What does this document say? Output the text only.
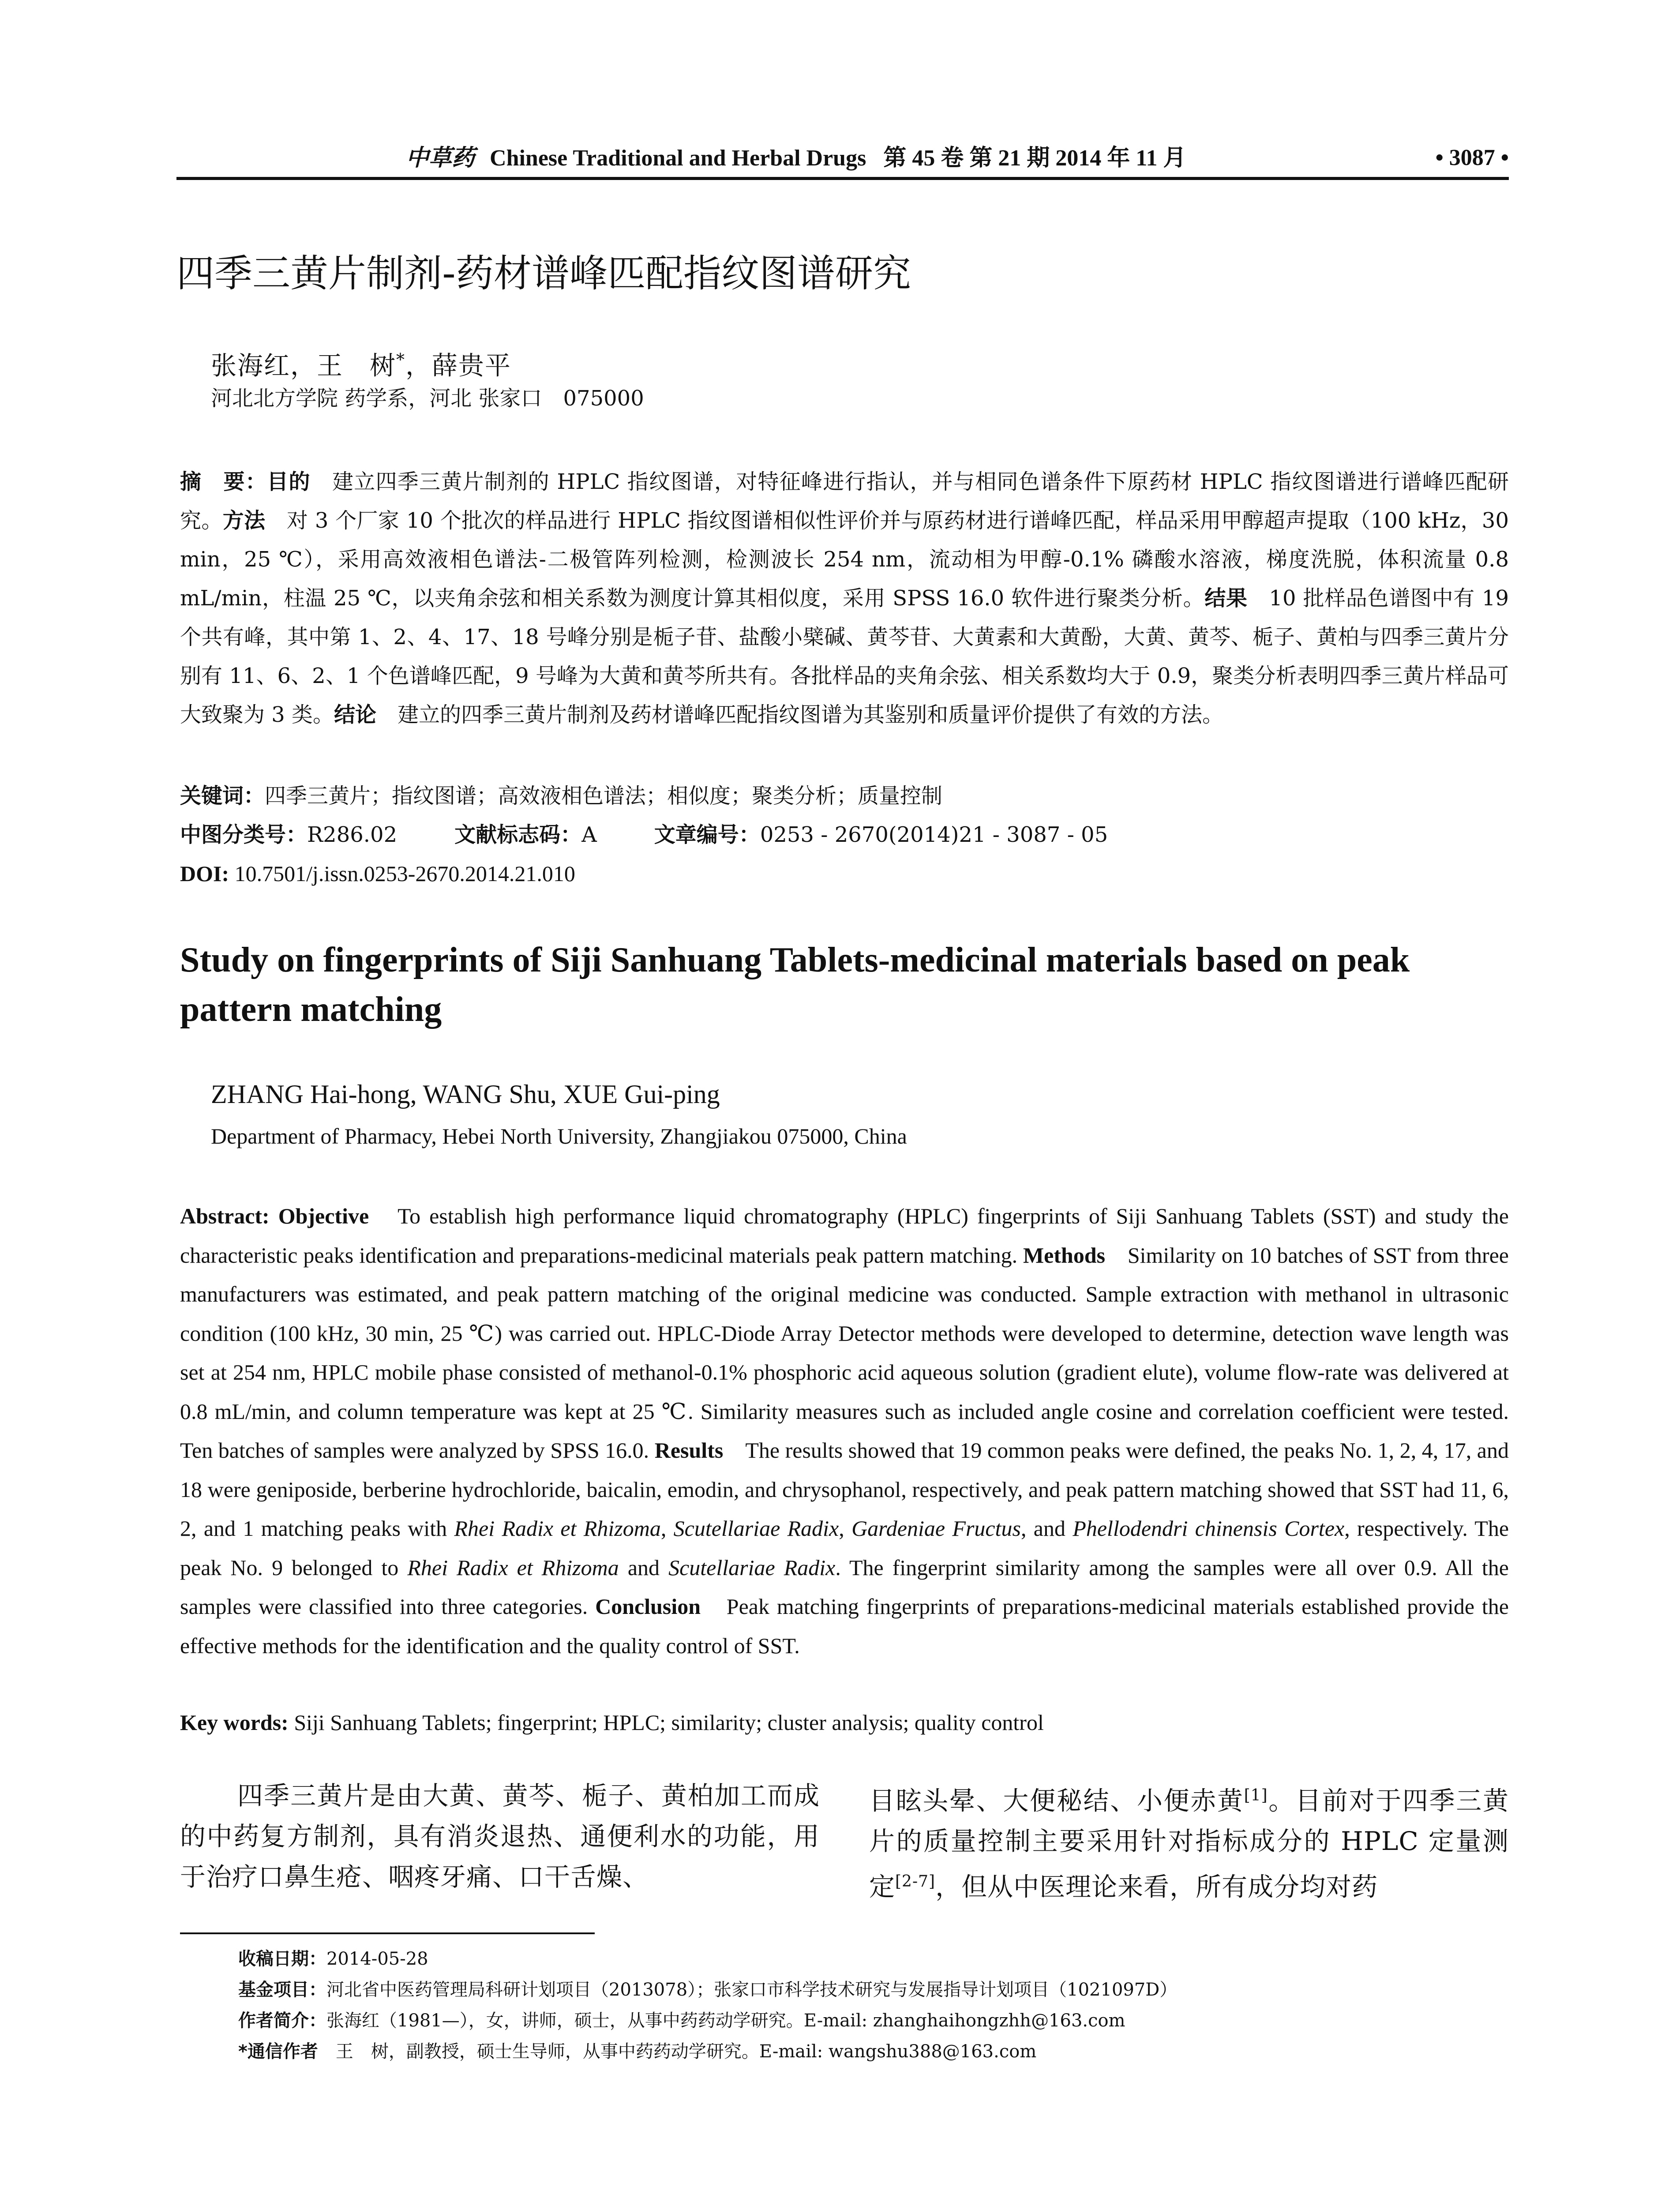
中草药 Chinese Traditional and Herbal Drugs 第 45 卷 第 21 期 2014 年 11 月	• 3087 •
四季三黄片制剂-药材谱峰匹配指纹图谱研究
张海红，王　树*，薛贵平
河北北方学院 药学系，河北 张家口　075000
摘　要：目的　建立四季三黄片制剂的 HPLC 指纹图谱，对特征峰进行指认，并与相同色谱条件下原药材 HPLC 指纹图谱进行谱峰匹配研究。方法　对 3 个厂家 10 个批次的样品进行 HPLC 指纹图谱相似性评价并与原药材进行谱峰匹配，样品采用甲醇超声提取（100 kHz，30 min，25 ℃），采用高效液相色谱法-二极管阵列检测，检测波长 254 nm，流动相为甲醇-0.1% 磷酸水溶液，梯度洗脱，体积流量 0.8 mL/min，柱温 25 ℃，以夹角余弦和相关系数为测度计算其相似度，采用 SPSS 16.0 软件进行聚类分析。结果　10 批样品色谱图中有 19 个共有峰，其中第 1、2、4、17、18 号峰分别是栀子苷、盐酸小檗碱、黄芩苷、大黄素和大黄酚，大黄、黄芩、栀子、黄柏与四季三黄片分别有 11、6、2、1 个色谱峰匹配，9 号峰为大黄和黄芩所共有。各批样品的夹角余弦、相关系数均大于 0.9，聚类分析表明四季三黄片样品可大致聚为 3 类。结论　建立的四季三黄片制剂及药材谱峰匹配指纹图谱为其鉴别和质量评价提供了有效的方法。
关键词：四季三黄片；指纹图谱；高效液相色谱法；相似度；聚类分析；质量控制
中图分类号：R286.02	文献标志码：A	文章编号：0253 - 2670(2014)21 - 3087 - 05
DOI: 10.7501/j.issn.0253-2670.2014.21.010
Study on fingerprints of Siji Sanhuang Tablets-medicinal materials based on peak pattern matching
ZHANG Hai-hong, WANG Shu, XUE Gui-ping
Department of Pharmacy, Hebei North University, Zhangjiakou 075000, China
Abstract: Objective　To establish high performance liquid chromatography (HPLC) fingerprints of Siji Sanhuang Tablets (SST) and study the characteristic peaks identification and preparations-medicinal materials peak pattern matching. Methods　Similarity on 10 batches of SST from three manufacturers was estimated, and peak pattern matching of the original medicine was conducted. Sample extraction with methanol in ultrasonic condition (100 kHz, 30 min, 25 ℃) was carried out. HPLC-Diode Array Detector methods were developed to determine, detection wave length was set at 254 nm, HPLC mobile phase consisted of methanol-0.1% phosphoric acid aqueous solution (gradient elute), volume flow-rate was delivered at 0.8 mL/min, and column temperature was kept at 25 ℃. Similarity measures such as included angle cosine and correlation coefficient were tested. Ten batches of samples were analyzed by SPSS 16.0. Results　The results showed that 19 common peaks were defined, the peaks No. 1, 2, 4, 17, and 18 were geniposide, berberine hydrochloride, baicalin, emodin, and chrysophanol, respectively, and peak pattern matching showed that SST had 11, 6, 2, and 1 matching peaks with Rhei Radix et Rhizoma, Scutellariae Radix, Gardeniae Fructus, and Phellodendri chinensis Cortex, respectively. The peak No. 9 belonged to Rhei Radix et Rhizoma and Scutellariae Radix. The fingerprint similarity among the samples were all over 0.9. All the samples were classified into three categories. Conclusion　Peak matching fingerprints of preparations-medicinal materials established provide the effective methods for the identification and the quality control of SST.
Key words: Siji Sanhuang Tablets; fingerprint; HPLC; similarity; cluster analysis; quality control
四季三黄片是由大黄、黄芩、栀子、黄柏加工而成的中药复方制剂，具有消炎退热、通便利水的功能，用于治疗口鼻生疮、咽疼牙痛、口干舌燥、
目眩头晕、大便秘结、小便赤黄[1]。目前对于四季三黄片的质量控制主要采用针对指标成分的 HPLC 定量测定[2-7]，但从中医理论来看，所有成分均对药
收稿日期：2014-05-28
基金项目：河北省中医药管理局科研计划项目（2013078）；张家口市科学技术研究与发展指导计划项目（1021097D）
作者简介：张海红（1981—），女，讲师，硕士，从事中药药动学研究。E-mail: zhanghaihongzhh@163.com
*通信作者　王　树，副教授，硕士生导师，从事中药药动学研究。E-mail: wangshu388@163.com
